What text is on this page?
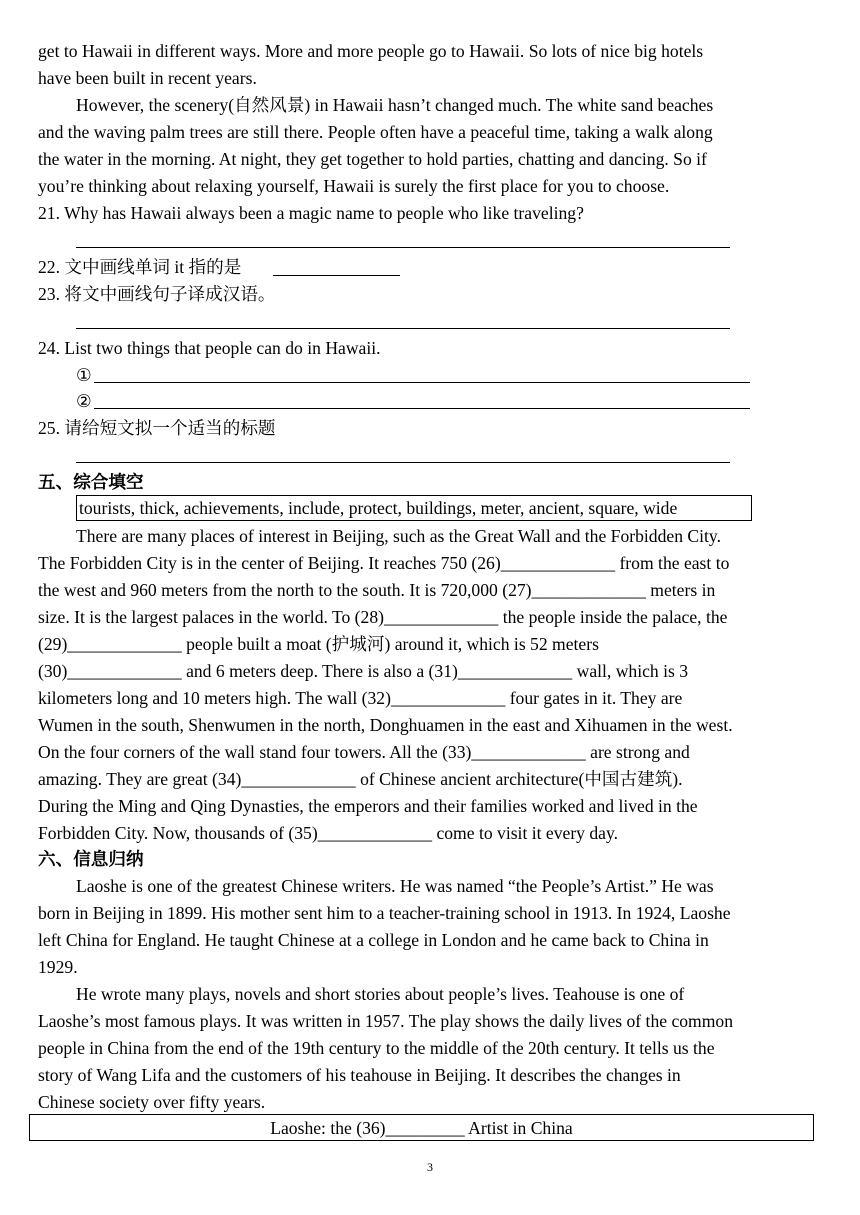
get to Hawaii in different ways. More and more people go to Hawaii. So lots of nice big hotels
have been built in recent years.
However, the scenery(自然风景) in Hawaii hasn’t changed much. The white sand beaches
and the waving palm trees are still there. People often have a peaceful time, taking a walk along
the water in the morning. At night, they get together to hold parties, chatting and dancing. So if
you’re thinking about relaxing yourself, Hawaii is surely the first place for you to choose.
21. Why has Hawaii always been a magic name to people who like traveling?
22. 文中画线单词 it 指的是
23. 将文中画线句子译成汉语。
24. List two things that people can do in Hawaii.
①
②
25. 请给短文拟一个适当的标题
五、综合填空
tourists, thick, achievements, include, protect, buildings, meter, ancient, square, wide
There are many places of interest in Beijing, such as the Great Wall and the Forbidden City.
The Forbidden City is in the center of Beijing. It reaches 750 (26)_____________ from the east to
the west and 960 meters from the north to the south. It is 720,000 (27)_____________ meters in
size. It is the largest palaces in the world. To (28)_____________ the people inside the palace, the
(29)_____________ people built a moat (护城河) around it, which is 52 meters
(30)_____________ and 6 meters deep. There is also a (31)_____________ wall, which is 3
kilometers long and 10 meters high. The wall (32)_____________ four gates in it. They are
Wumen in the south, Shenwumen in the north, Donghuamen in the east and Xihuamen in the west.
On the four corners of the wall stand four towers. All the (33)_____________ are strong and
amazing. They are great (34)_____________ of Chinese ancient architecture(中国古建筑).
During the Ming and Qing Dynasties, the emperors and their families worked and lived in the
Forbidden City. Now, thousands of (35)_____________ come to visit it every day.
六、信息归纳
Laoshe is one of the greatest Chinese writers. He was named “the People’s Artist.” He was
born in Beijing in 1899. His mother sent him to a teacher-training school in 1913. In 1924, Laoshe
left China for England. He taught Chinese at a college in London and he came back to China in
1929.
He wrote many plays, novels and short stories about people’s lives. Teahouse is one of
Laoshe’s most famous plays. It was written in 1957. The play shows the daily lives of the common
people in China from the end of the 19th century to the middle of the 20th century. It tells us the
story of Wang Lifa and the customers of his teahouse in Beijing. It describes the changes in
Chinese society over fifty years.
Laoshe: the (36)_________ Artist in China
3
